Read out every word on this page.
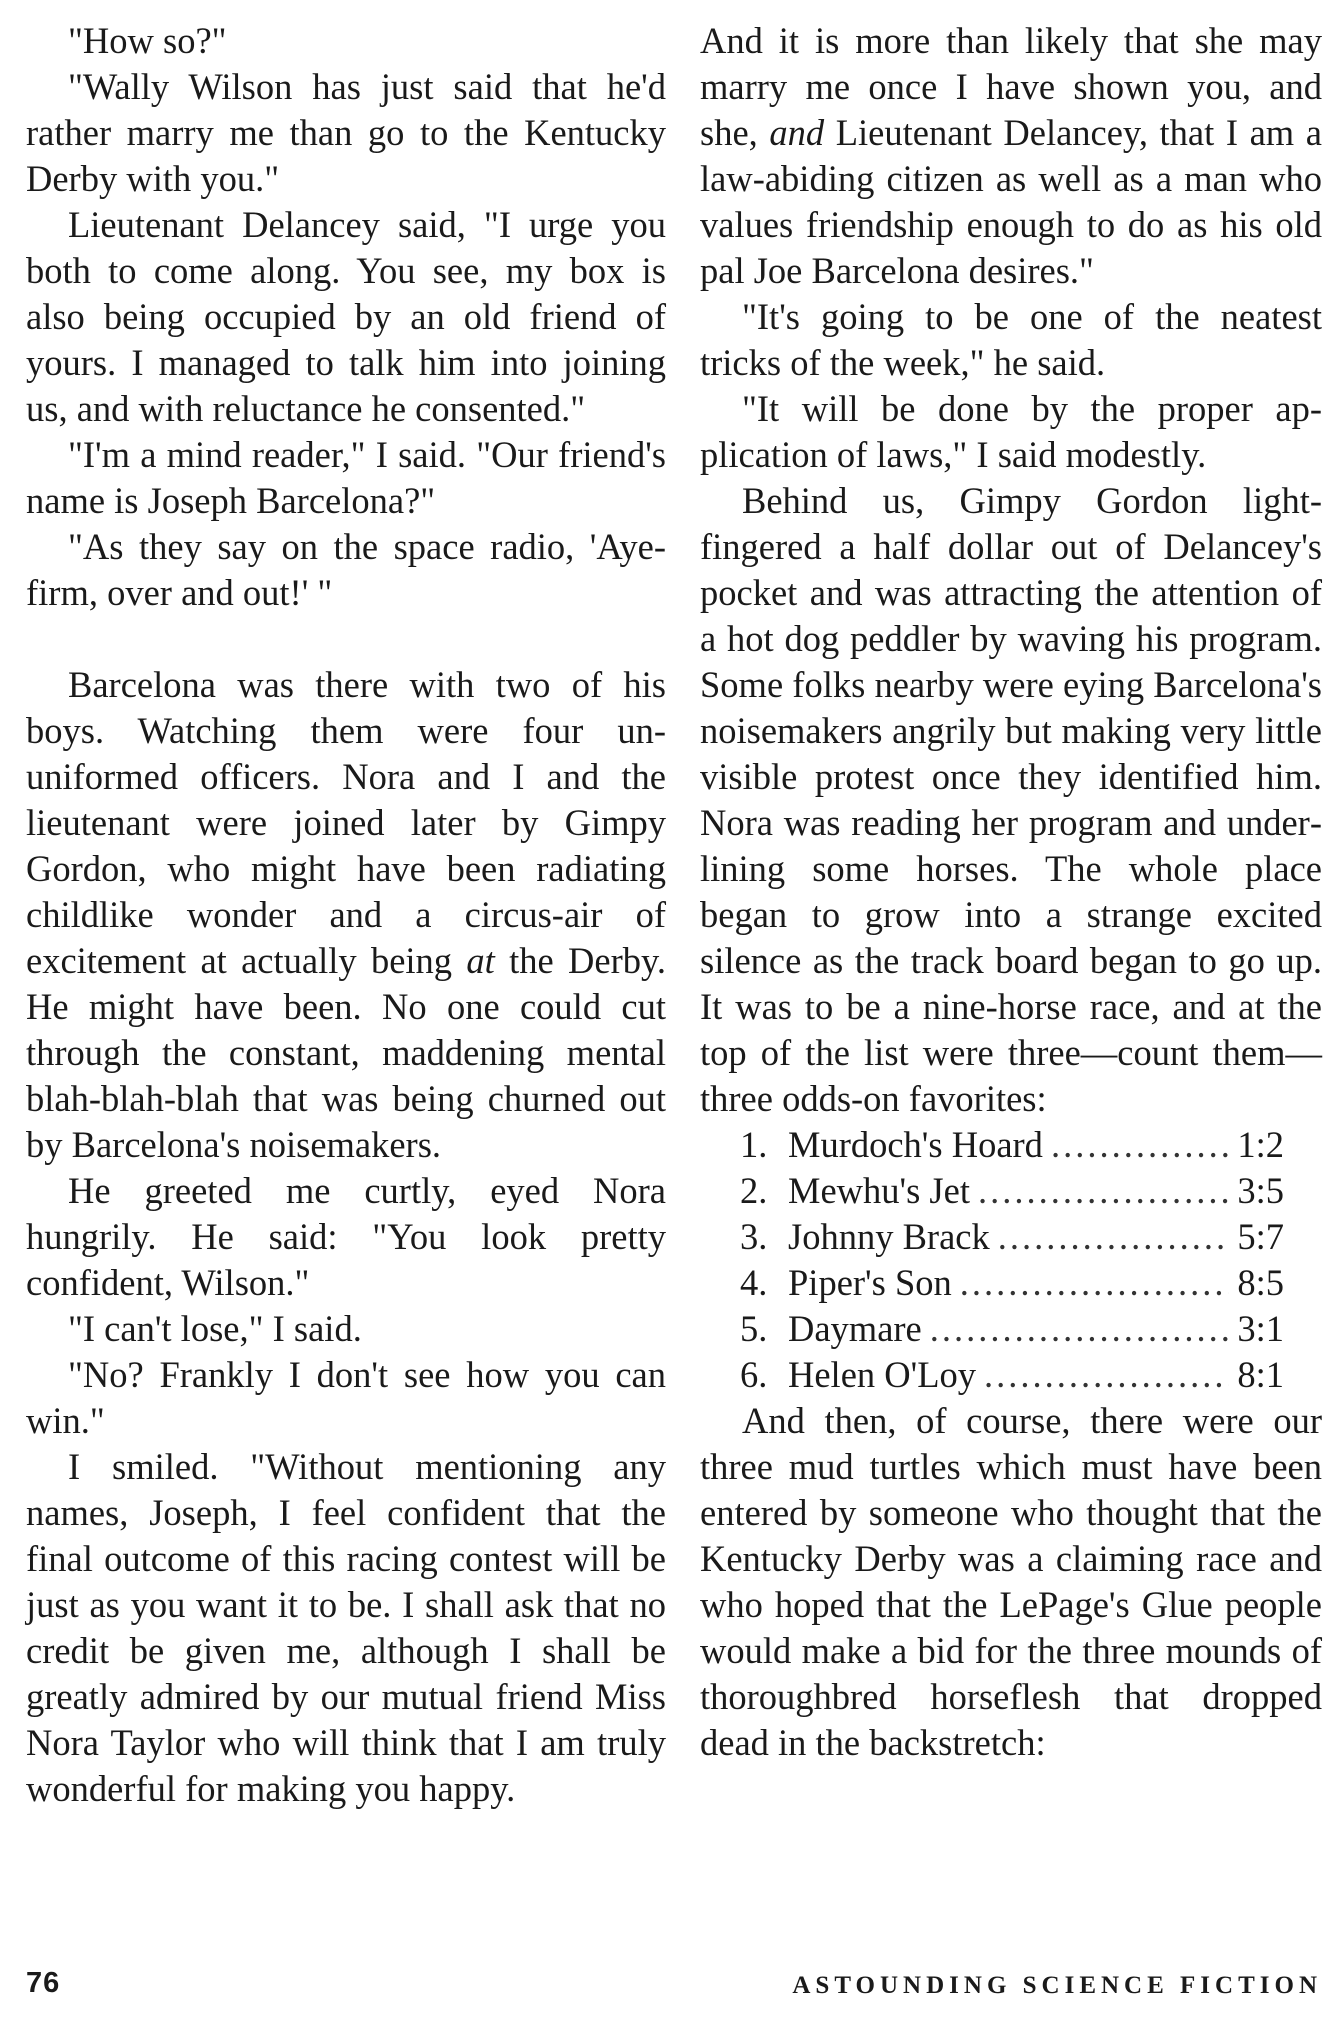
"How so?"

"Wally Wilson has just said that he'd rather marry me than go to the Kentucky Derby with you."

Lieutenant Delancey said, "I urge you both to come along. You see, my box is also being occupied by an old friend of yours. I managed to talk him into joining us, and with reluctance he consented."

"I'm a mind reader," I said. "Our friend's name is Joseph Barcelona?"

"As they say on the space radio, 'Aye-firm, over and out!' "

Barcelona was there with two of his boys. Watching them were four ununiformed officers. Nora and I and the lieutenant were joined later by Gimpy Gordon, who might have been radiating childlike wonder and a circus-air of excitement at actually being at the Derby. He might have been. No one could cut through the constant, maddening mental blah-blah-blah that was being churned out by Barcelona's noisemakers.

He greeted me curtly, eyed Nora hungrily. He said: "You look pretty confident, Wilson."

"I can't lose," I said.

"No? Frankly I don't see how you can win."

I smiled. "Without mentioning any names, Joseph, I feel confident that the final outcome of this racing contest will be just as you want it to be. I shall ask that no credit be given me, although I shall be greatly admired by our mutual friend Miss Nora Taylor who will think that I am truly wonderful for making you happy.

And it is more than likely that she may marry me once I have shown you, and she, and Lieutenant Delancey, that I am a law-abiding citizen as well as a man who values friendship enough to do as his old pal Joe Barcelona desires."

"It's going to be one of the neatest tricks of the week," he said.

"It will be done by the proper application of laws," I said modestly.

Behind us, Gimpy Gordon light-fingered a half dollar out of Delancey's pocket and was attracting the attention of a hot dog peddler by waving his program. Some folks nearby were eying Barcelona's noisemakers angrily but making very little visible protest once they identified him. Nora was reading her program and underlining some horses. The whole place began to grow into a strange excited silence as the track board began to go up. It was to be a nine-horse race, and at the top of the list were three—count them—three odds-on favorites:

1. Murdoch's Hoard .....	1:2
2. Mewhu's Jet .....	3:5
3. Johnny Brack .....	5:7
4. Piper's Son .....	8:5
5. Daymare .....	3:1
6. Helen O'Loy .....	8:1

And then, of course, there were our three mud turtles which must have been entered by someone who thought that the Kentucky Derby was a claiming race and who hoped that the LePage's Glue people would make a bid for the three mounds of thoroughbred horseflesh that dropped dead in the backstretch:

76	ASTOUNDING SCIENCE FICTION
